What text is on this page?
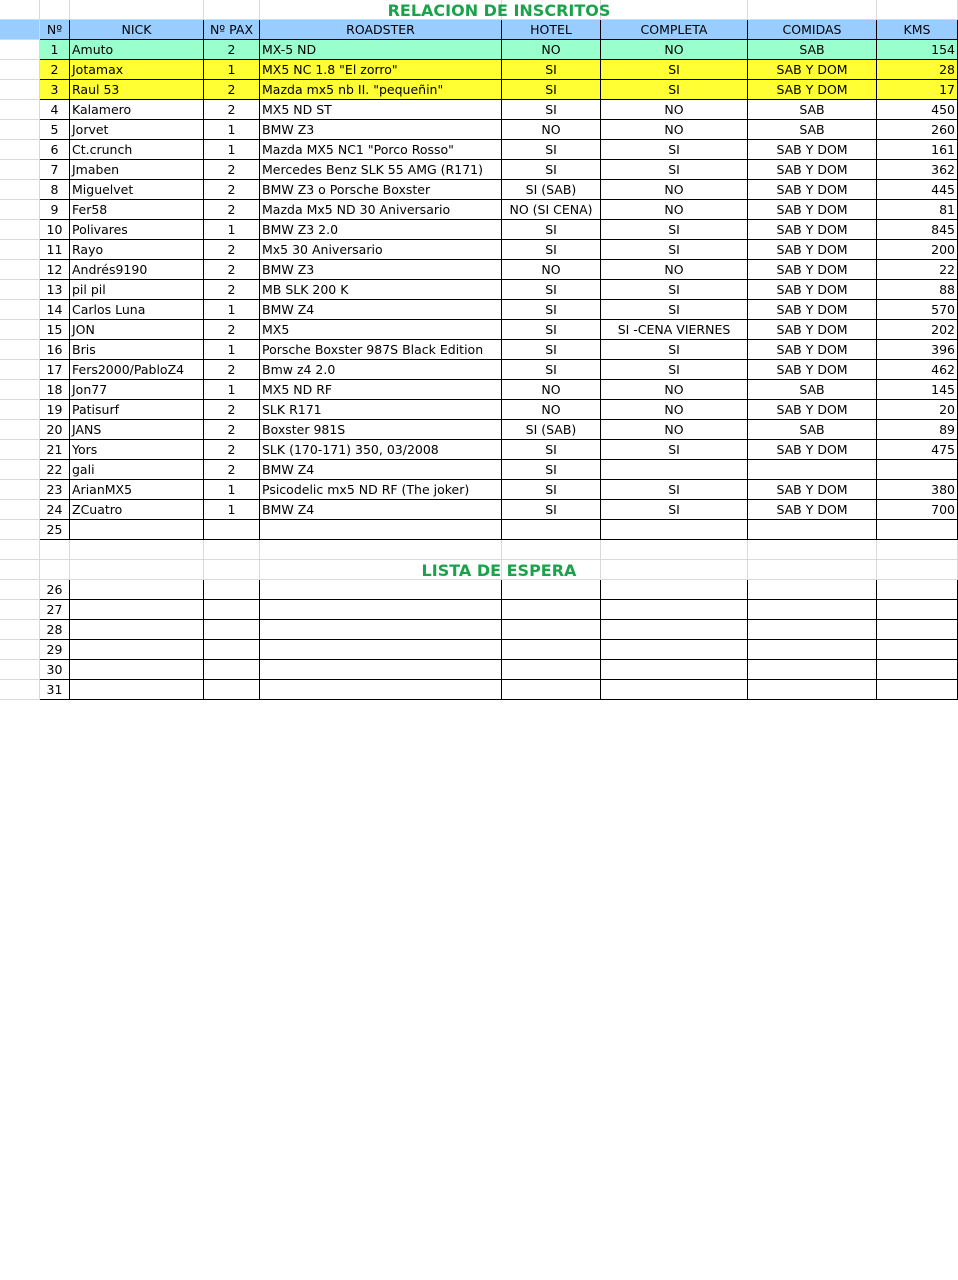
RELACION DE INSCRITOS
Nº	NICK	Nº PAX	ROADSTER	HOTEL	COMPLETA	COMIDAS	KMS
1	Amuto	2	MX-5 ND	NO	NO	SAB	154
2	Jotamax	1	MX5 NC 1.8 "El zorro"	SI	SI	SAB Y DOM	28
3	Raul 53	2	Mazda mx5 nb II. "pequeñin"	SI	SI	SAB Y DOM	17
4	Kalamero	2	MX5 ND ST	SI	NO	SAB	450
5	Jorvet	1	BMW Z3	NO	NO	SAB	260
6	Ct.crunch	1	Mazda MX5 NC1 "Porco Rosso"	SI	SI	SAB Y DOM	161
7	Jmaben	2	Mercedes Benz SLK 55 AMG (R171)	SI	SI	SAB Y DOM	362
8	Miguelvet	2	BMW Z3 o Porsche Boxster	SI (SAB)	NO	SAB Y DOM	445
9	Fer58	2	Mazda Mx5 ND 30 Aniversario	NO (SI CENA)	NO	SAB Y DOM	81
10 Polivares	1	BMW Z3 2.0	SI	SI	SAB Y DOM	845
11 Rayo	2	Mx5 30 Aniversario	SI	SI	SAB Y DOM	200
12 Andrés9190	2	BMW Z3	NO	NO	SAB Y DOM	22
13 pil pil	2	MB SLK 200 K	SI	SI	SAB Y DOM	88
14 Carlos Luna	1	BMW Z4	SI	SI	SAB Y DOM	570
15 JON	2	MX5	SI	SI -CENA VIERNES	SAB Y DOM	202
16 Bris	1	Porsche Boxster 987S Black Edition	SI	SI	SAB Y DOM	396
17 Fers2000/PabloZ4	2	Bmw z4 2.0	SI	SI	SAB Y DOM	462
18 Jon77	1	MX5 ND RF	NO	NO	SAB	145
19 Patisurf	2	SLK R171	NO	NO	SAB Y DOM	20
20 JANS	2	Boxster 981S	SI (SAB)	NO	SAB	89
21 Yors	2	SLK (170-171) 350, 03/2008	SI	SI	SAB Y DOM	475
22 gali	2	BMW Z4	SI
23 ArianMX5	1	Psicodelic mx5 ND RF (The joker)	SI	SI	SAB Y DOM	380
24 ZCuatro	1	BMW Z4	SI	SI	SAB Y DOM	700
25
LISTA DE ESPERA
26
27
28
29
30
31
